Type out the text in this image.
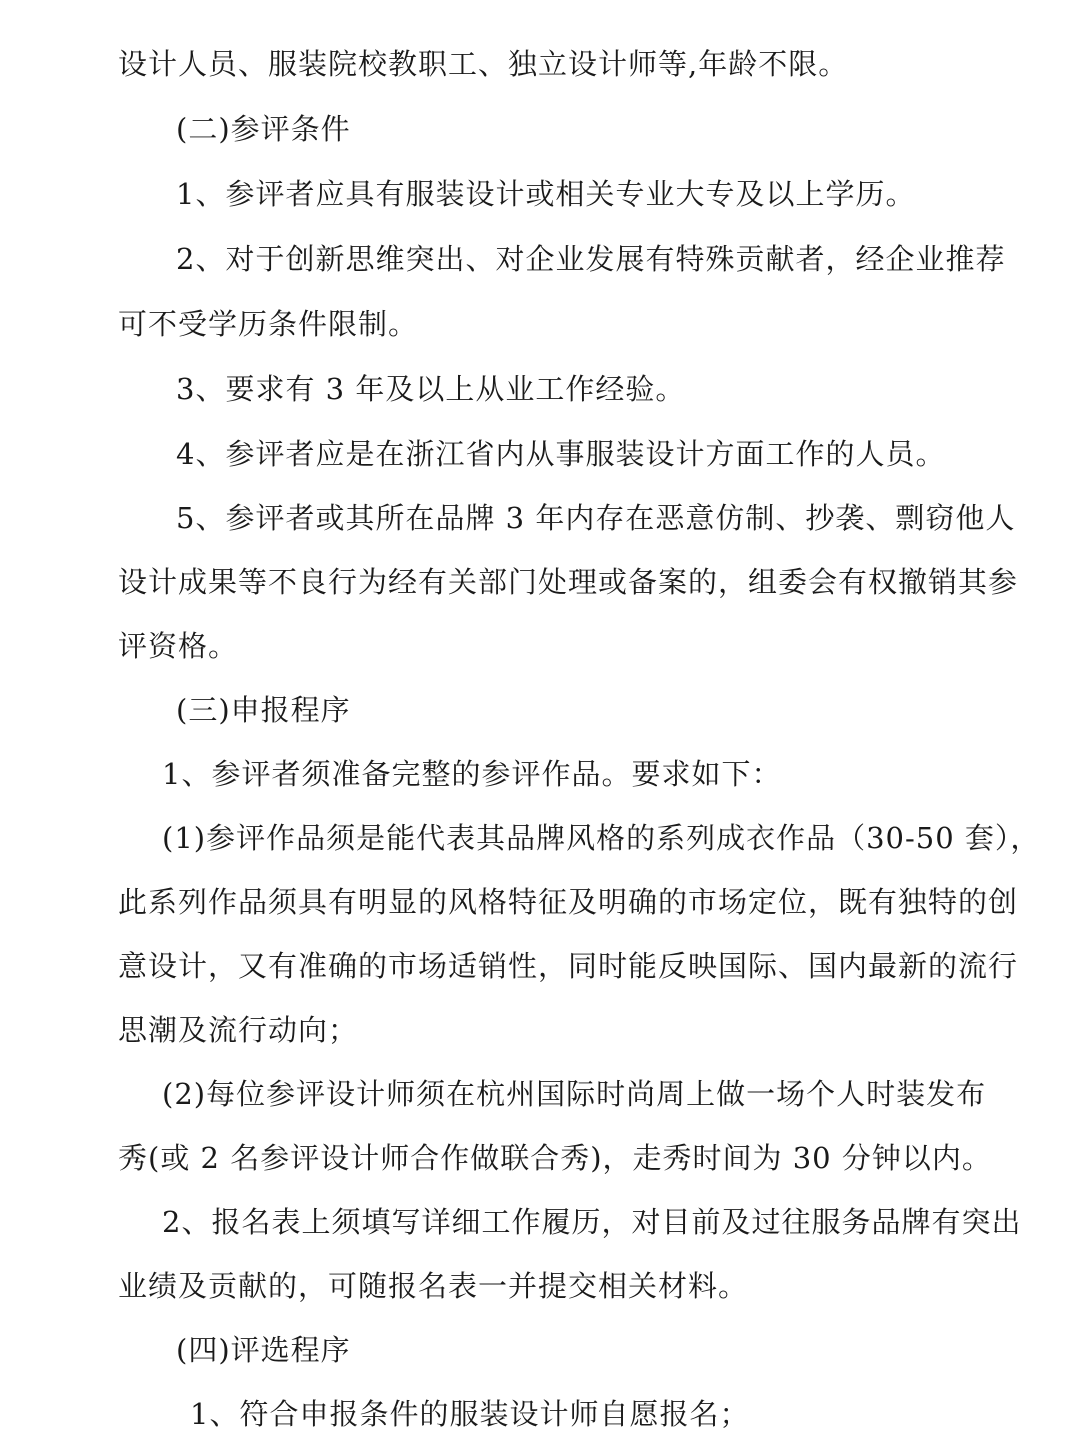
设计人员、服装院校教职工、独立设计师等,年龄不限。
(二)参评条件
1、参评者应具有服装设计或相关专业大专及以上学历。
2、对于创新思维突出、对企业发展有特殊贡献者，经企业推荐
可不受学历条件限制。
3、要求有 3 年及以上从业工作经验。
4、参评者应是在浙江省内从事服装设计方面工作的人员。
5、参评者或其所在品牌 3 年内存在恶意仿制、抄袭、剽窃他人
设计成果等不良行为经有关部门处理或备案的，组委会有权撤销其参
评资格。
(三)申报程序
1、参评者须准备完整的参评作品。要求如下：
(1)参评作品须是能代表其品牌风格的系列成衣作品（30-50 套），
此系列作品须具有明显的风格特征及明确的市场定位，既有独特的创
意设计，又有准确的市场适销性，同时能反映国际、国内最新的流行
思潮及流行动向；
(2)每位参评设计师须在杭州国际时尚周上做一场个人时装发布
秀(或 2 名参评设计师合作做联合秀)，走秀时间为 30 分钟以内。
2、报名表上须填写详细工作履历，对目前及过往服务品牌有突出
业绩及贡献的，可随报名表一并提交相关材料。
(四)评选程序
1、符合申报条件的服装设计师自愿报名；
